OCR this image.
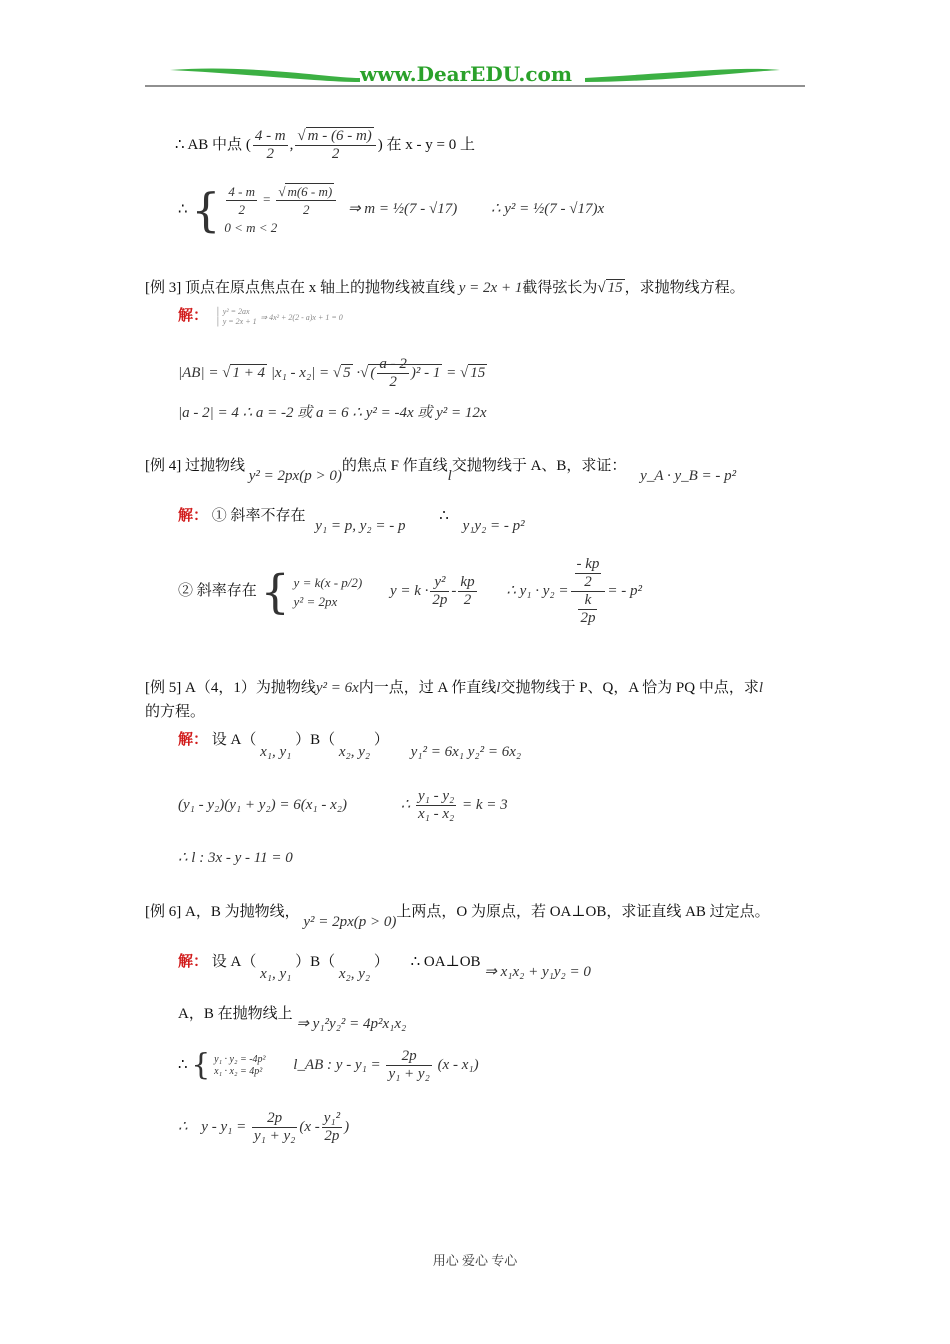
www.DearEDU.com
∴ AB 中点 ( $\frac{4 - m}{2}$ , $\frac{√ m - (6 - m)}{2}$ ) 在 x - y = 0 上
∴ { $\frac{4 - m}{2} = \frac{√ m(6 - m)}{2}$
0 < m < 2
⇒ m = ½(7 - √17) ∴ y² = ½(7 - √17)x
[例 3] 顶点在原点焦点在 x 轴上的抛物线被直线 y = 2x + 1截得弦长为√ 15 ，求抛物线方程。
解： │ y² = 2ax
│ y = 2x + 1 ⇒ 4x² + 2(2 - a)x + 1 = 0
|AB| = √ 1 + 4 |x₁ - x₂| = √ 5 ·√ ( $\frac{a - 2}{2} )^2 - 1$ = √ 15
|a - 2| = 4 ∴ a = -2 或 a = 6 ∴ y² = -4x 或 y² = 12x
[例 4] 过抛物线 y² = 2px(p > 0)的焦点 F 作直线l交抛物线于 A、B，求证： y_A · y_B = - p²
解： ① 斜率不存在 y₁ = p, y₂ = - p ∴ y₁y₂ = - p²
② 斜率存在 { y = k(x - p/2)
y² = 2px
$y = k \cdot \frac{\text{y²}}{2p} - \frac{kp}{2}$ ∴ $y_1 \cdot y_2 = \frac{\frac{- kp}{2}}{\frac{k}{2p}}$ = - p²
[例 5] A（4，1）为抛物线y² = 6x内一点，过 A 作直线l交抛物线于 P、Q，A 恰为 PQ 中点，求l
的方程。
解： 设 A（ x₁, y₁ ）B（ x₂, y₂ ） y₁² = 6x₁ y₂² = 6x₂
(y₁ - y₂)(y₁ + y₂) = 6(x₁ - x₂)	∴ $\frac{\text{y₁ - y₂}}{\text{x₁ - x₂}} = k = 3$
∴ l : 3x - y - 11 = 0
[例 6] A，B 为抛物线， y² = 2px(p > 0)上两点，O 为原点，若 OA⊥OB，求证直线 AB 过定点。
解： 设 A（ x₁, y₁ ）B（ x₂, y₂ ） ∴ OA⊥OB ⇒ x₁x₂ + y₁y₂ = 0
A，B 在抛物线上 ⇒ y₁²y₂² = 4p²x₁x₂
∴ { y₁ · y₂ = -4p²
x₁ · x₂ = 4p² l_AB : $y - y_1 = \frac{2p}{\text{y₁ + y₂}} (x - x_1)$
∴ $y - y_1 = \frac{2p}{\text{y₁ + y₂}} (x - \frac{\text{y₁²}}{2p}$ )
用心 爱心 专心
